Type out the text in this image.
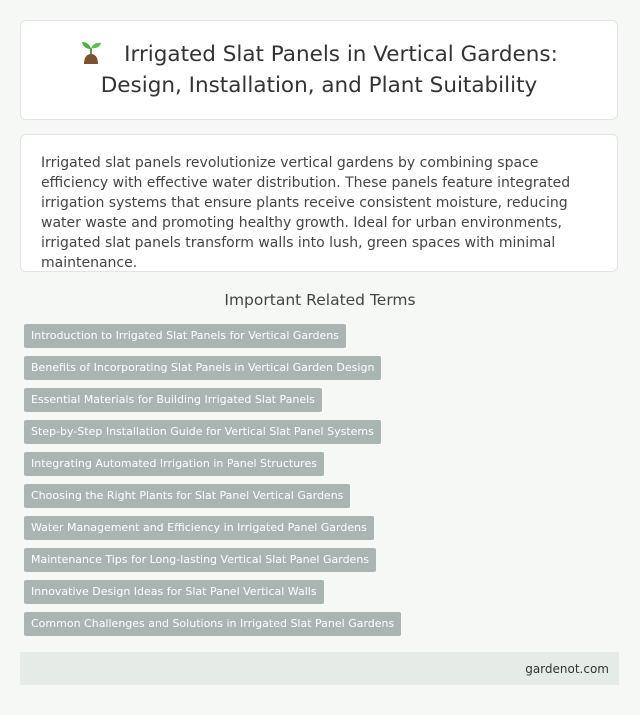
Irrigated Slat Panels in Vertical Gardens: Design, Installation, and Plant Suitability

Irrigated slat panels revolutionize vertical gardens by combining space efficiency with effective water distribution. These panels feature integrated irrigation systems that ensure plants receive consistent moisture, reducing water waste and promoting healthy growth. Ideal for urban environments, irrigated slat panels transform walls into lush, green spaces with minimal maintenance.

Important Related Terms
Introduction to Irrigated Slat Panels for Vertical Gardens
Benefits of Incorporating Slat Panels in Vertical Garden Design
Essential Materials for Building Irrigated Slat Panels
Step-by-Step Installation Guide for Vertical Slat Panel Systems
Integrating Automated Irrigation in Panel Structures
Choosing the Right Plants for Slat Panel Vertical Gardens
Water Management and Efficiency in Irrigated Panel Gardens
Maintenance Tips for Long-lasting Vertical Slat Panel Gardens
Innovative Design Ideas for Slat Panel Vertical Walls
Common Challenges and Solutions in Irrigated Slat Panel Gardens
gardenot.com
